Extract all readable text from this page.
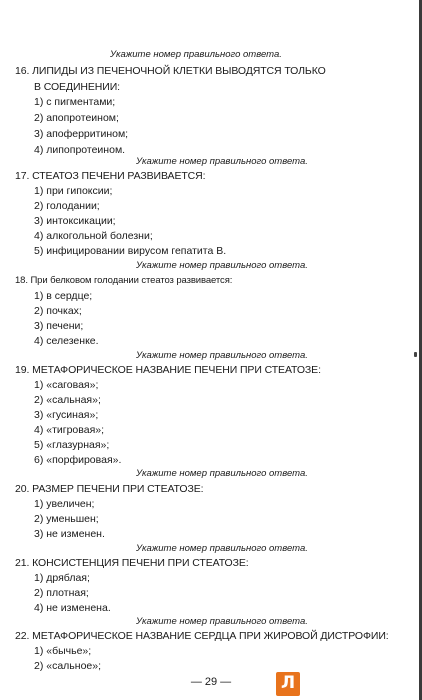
Укажите номер правильного ответа.
16. ЛИПИДЫ ИЗ ПЕЧЕНОЧНОЙ КЛЕТКИ ВЫВОДЯТСЯ ТОЛЬКО
В СОЕДИНЕНИИ:
1) с пигментами;
2) апопротеином;
3) апоферритином;
4) липопротеином.
Укажите номер правильного ответа.
17. СТЕАТОЗ ПЕЧЕНИ РАЗВИВАЕТСЯ:
1) при гипоксии;
2) голодании;
3) интоксикации;
4) алкогольной болезни;
5) инфицировании вирусом гепатита В.
Укажите номер правильного ответа.
18. При белковом голодании стеатоз развивается:
1) в сердце;
2) почках;
3) печени;
4) селезенке.
Укажите номер правильного ответа.
19. МЕТАФОРИЧЕСКОЕ НАЗВАНИЕ ПЕЧЕНИ ПРИ СТЕАТОЗЕ:
1) «саговая»;
2) «сальная»;
3) «гусиная»;
4) «тигровая»;
5) «глазурная»;
6) «порфировая».
Укажите номер правильного ответа.
20. РАЗМЕР ПЕЧЕНИ ПРИ СТЕАТОЗЕ:
1) увеличен;
2) уменьшен;
3) не изменен.
Укажите номер правильного ответа.
21. КОНСИСТЕНЦИЯ ПЕЧЕНИ ПРИ СТЕАТОЗЕ:
1) дряблая;
2) плотная;
4) не изменена.
Укажите номер правильного ответа.
22. МЕТАФОРИЧЕСКОЕ НАЗВАНИЕ СЕРДЦА ПРИ ЖИРОВОЙ ДИСТРОФИИ:
1) «бычье»;
2) «сальное»;
— 29 —	Л
